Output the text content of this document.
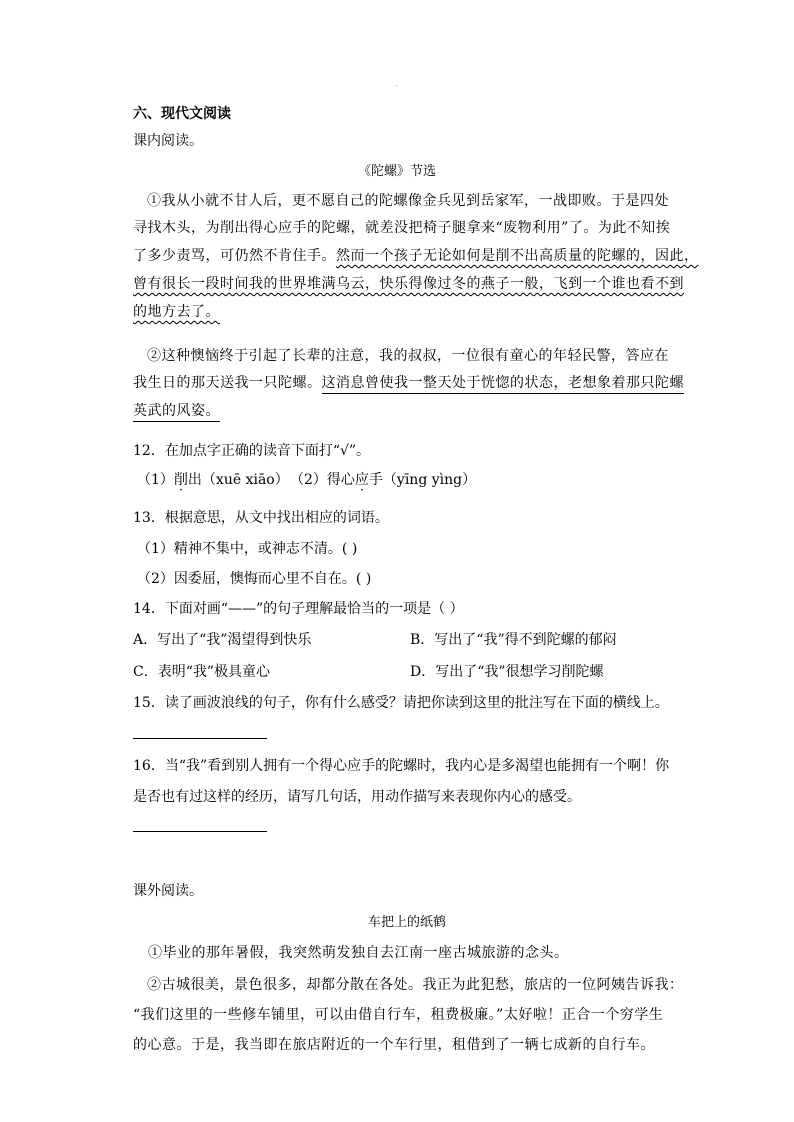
六、现代文阅读
课内阅读。
《陀螺》节选
①我从小就不甘人后，更不愿自己的陀螺像金兵见到岳家军，一战即败。于是四处
寻找木头，为削出得心应手的陀螺，就差没把椅子腿拿来“废物利用”了。为此不知挨
了多少责骂，可仍然不肯住手。然而一个孩子无论如何是削不出高质量的陀螺的，因此，
曾有很长一段时间我的世界堆满乌云，快乐得像过冬的燕子一般，飞到一个谁也看不到
的地方去了。
②这种懊恼终于引起了长辈的注意，我的叔叔，一位很有童心的年轻民警，答应在
我生日的那天送我一只陀螺。这消息曾使我一整天处于恍惚的状态，老想象着那只陀螺
英武的风姿。
12．在加点字正确的读音下面打“√”。
（1）削出（xuē xiāo） （2）得心应手（yīng yìng）
13．根据意思，从文中找出相应的词语。
（1）精神不集中，或神志不清。( )
（2）因委屈，懊悔而心里不自在。( )
14．下面对画“——”的句子理解最恰当的一项是（ ）
A．写出了“我”渴望得到快乐	B．写出了“我”得不到陀螺的郁闷
C．表明“我”极具童心	D．写出了“我”很想学习削陀螺
15．读了画波浪线的句子，你有什么感受？请把你读到这里的批注写在下面的横线上。
16．当“我”看到别人拥有一个得心应手的陀螺时，我内心是多渴望也能拥有一个啊！你
是否也有过这样的经历，请写几句话，用动作描写来表现你内心的感受。
课外阅读。
车把上的纸鹤
①毕业的那年暑假，我突然萌发独自去江南一座古城旅游的念头。
②古城很美，景色很多，却都分散在各处。我正为此犯愁，旅店的一位阿姨告诉我：
“我们这里的一些修车铺里，可以由借自行车，租费极廉。”太好啦！正合一个穷学生
的心意。于是，我当即在旅店附近的一个车行里，租借到了一辆七成新的自行车。
